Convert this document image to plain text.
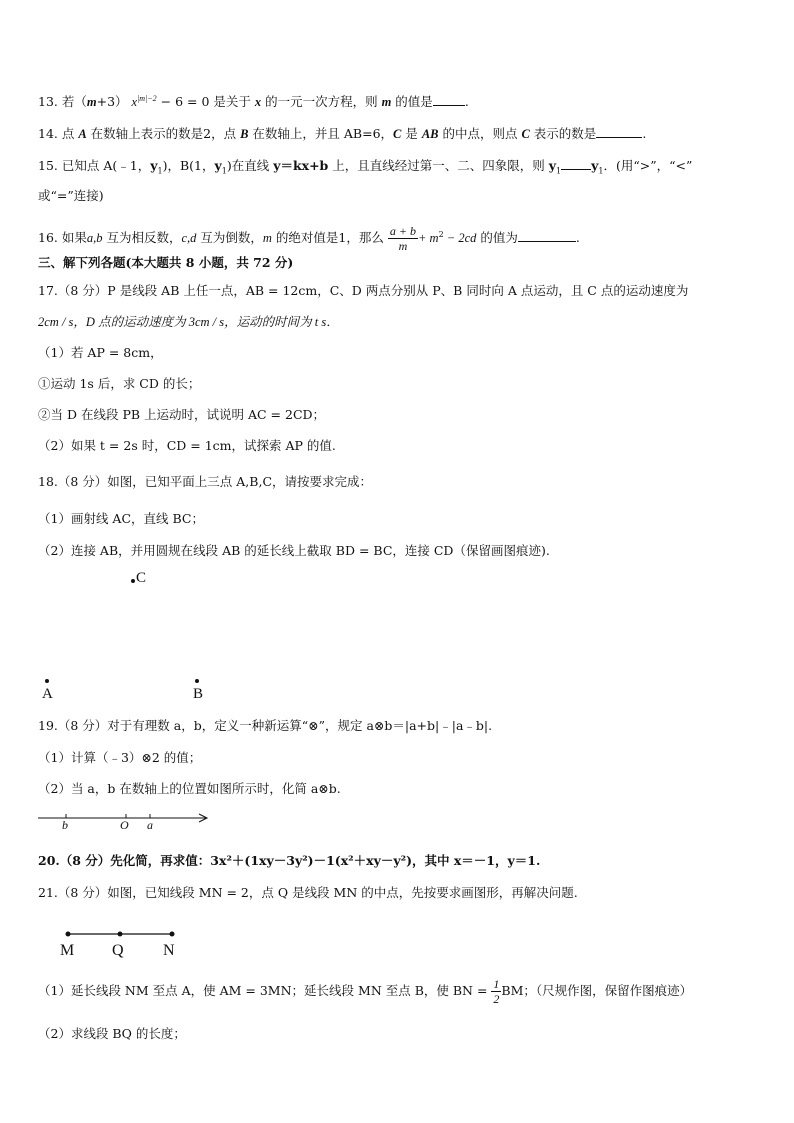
13. 若（m+3） $x^{|m|-2} - 6 = 0$ 是关于 x 的一元一次方程，则 m 的值是	.
14. 点 A 在数轴上表示的数是2，点 B 在数轴上，并且 AB=6，C 是 AB 的中点，则点 C 表示的数是	.
15. 已知点 A(﹣1，$y_1$)，B(1，$y_1$)在直线 y＝kx+b 上，且直线经过第一、二、四象限，则 $y_1$ $y_1$．(用“>”，“<”
或“=”连接)
16. 如果a,b 互为相反数，c,d 互为倒数，m 的绝对值是1，那么 $\frac{a + b}{m} + m^2 - 2cd$ 的值为	.
三、解下列各题(本大题共 8 小题，共 72 分)
17.（8 分）P 是线段 AB 上任一点，AB = 12cm，C、D 两点分别从 P、B 同时向 A 点运动，且 C 点的运动速度为
2cm / s，D 点的运动速度为 3cm / s，运动的时间为 t s．
（1）若 AP = 8cm，
①运动 1s 后，求 CD 的长；
②当 D 在线段 PB 上运动时，试说明 AC = 2CD；
（2）如果 t = 2s 时，CD = 1cm，试探索 AP 的值.
18.（8 分）如图，已知平面上三点 A,B,C，请按要求完成：
（1）画射线 AC，直线 BC；
（2）连接 AB，并用圆规在线段 AB 的延长线上截取 BD = BC，连接 CD（保留画图痕迹).
C
A	B
19.（8 分）对于有理数 a，b，定义一种新运算“⊗”，规定 a⊗b＝|a+b|﹣|a﹣b|.
（1）计算（﹣3）⊗2 的值；
（2）当 a，b 在数轴上的位置如图所示时，化简 a⊗b.
b	O a
20.（8 分）先化简，再求值：3x²＋(1xy－3y²)－1(x²＋xy－y²)，其中 x＝－1，y＝1.
21.（8 分）如图，已知线段 MN = 2，点 Q 是线段 MN 的中点，先按要求画图形，再解决问题.
M Q N
（1）延长线段 NM 至点 A，使 AM = 3MN；延长线段 MN 至点 B，使 BN = $\frac{1}{2}$ BM；（尺规作图，保留作图痕迹）
（2）求线段 BQ 的长度；
